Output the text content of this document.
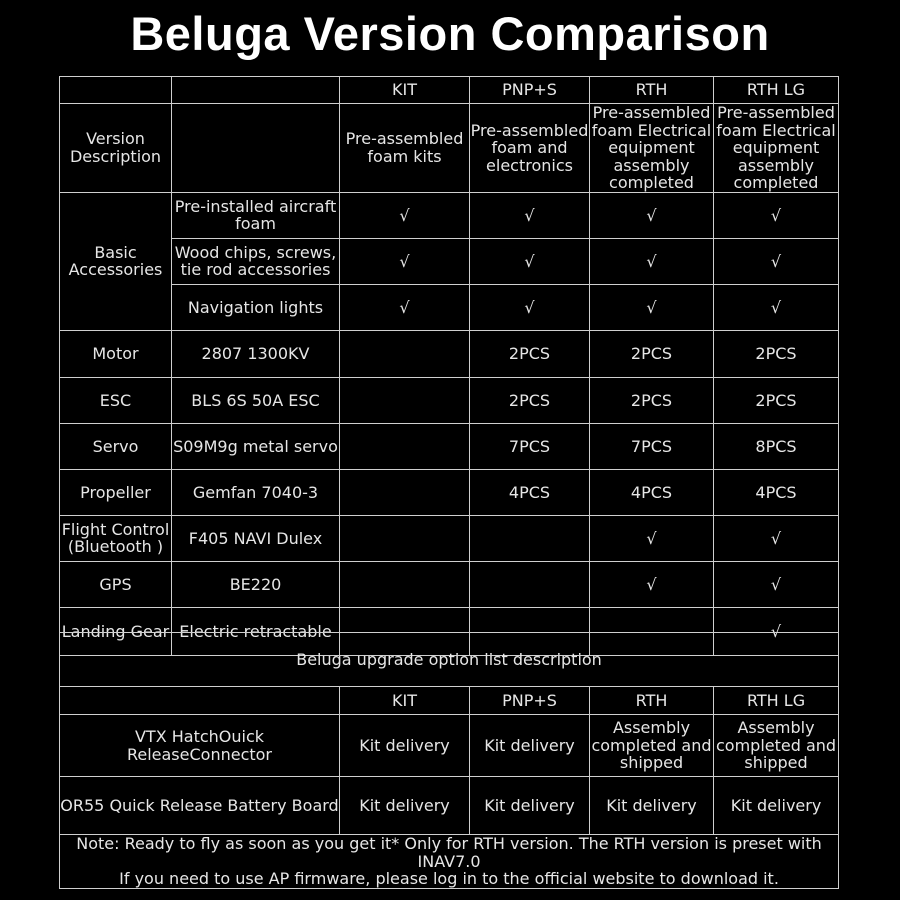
Beluga Version Comparison
		KIT	PNP+S	RTH	RTH LG
Version Description		Pre-assembled foam kits	Pre-assembled foam and electronics	Pre-assembled foam Electrical equipment assembly completed	Pre-assembled foam Electrical equipment assembly completed
Basic Accessories	Pre-installed aircraft foam	√	√	√	√
	Wood chips, screws, tie rod accessories	√	√	√	√
	Navigation lights	√	√	√	√
Motor	2807 1300KV		2PCS	2PCS	2PCS
ESC	BLS 6S 50A ESC		2PCS	2PCS	2PCS
Servo	S09M9g metal servo		7PCS	7PCS	8PCS
Propeller	Gemfan 7040-3		4PCS	4PCS	4PCS
Flight Control (Bluetooth )	F405 NAVI Dulex			√	√
GPS	BE220			√	√
Landing Gear	Electric retractable				√
Beluga upgrade option list description				
	KIT	PNP+S	RTH	RTH LG
VTX HatchOuick ReleaseConnector	Kit delivery	Kit delivery	Assembly completed and shipped	Assembly completed and shipped
OR55 Quick Release Battery Board	Kit delivery	Kit delivery	Kit delivery	Kit delivery

Note: Ready to fly as soon as you get it* Only for RTH version. The RTH version is preset with INAV7.0
If you need to use AP firmware, please log in to the official website to download it.				
